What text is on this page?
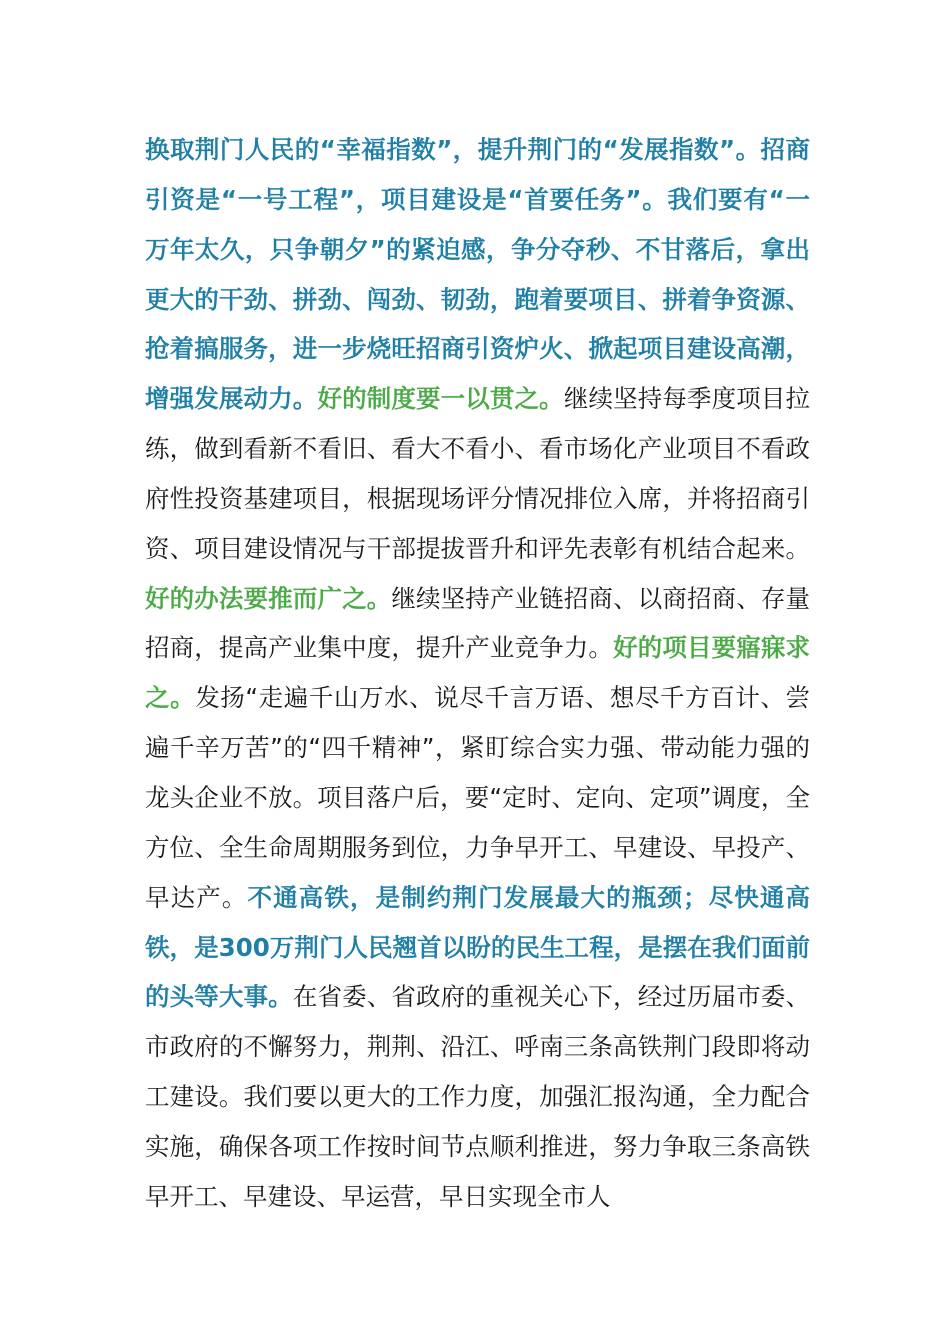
换取荆门人民的“幸福指数”，提升荆门的“发展指数”。招商引资是“一号工程”，项目建设是“首要任务”。我们要有“一万年太久，只争朝夕”的紧迫感，争分夺秒、不甘落后，拿出更大的干劲、拼劲、闯劲、韧劲，跑着要项目、拼着争资源、抢着搞服务，进一步烧旺招商引资炉火、掀起项目建设高潮，增强发展动力。好的制度要一以贯之。继续坚持每季度项目拉练，做到看新不看旧、看大不看小、看市场化产业项目不看政府性投资基建项目，根据现场评分情况排位入席，并将招商引资、项目建设情况与干部提拔晋升和评先表彰有机结合起来。好的办法要推而广之。继续坚持产业链招商、以商招商、存量招商，提高产业集中度，提升产业竞争力。好的项目要寤寐求之。发扬“走遍千山万水、说尽千言万语、想尽千方百计、尝遍千辛万苦”的“四千精神”，紧盯综合实力强、带动能力强的龙头企业不放。项目落户后，要“定时、定向、定项”调度，全方位、全生命周期服务到位，力争早开工、早建设、早投产、早达产。不通高铁，是制约荆门发展最大的瓶颈；尽快通高铁，是300万荆门人民翘首以盼的民生工程，是摆在我们面前的头等大事。在省委、省政府的重视关心下，经过历届市委、市政府的不懈努力，荆荆、沿江、呼南三条高铁荆门段即将动工建设。我们要以更大的工作力度，加强汇报沟通，全力配合实施，确保各项工作按时间节点顺利推进，努力争取三条高铁早开工、早建设、早运营，早日实现全市人
